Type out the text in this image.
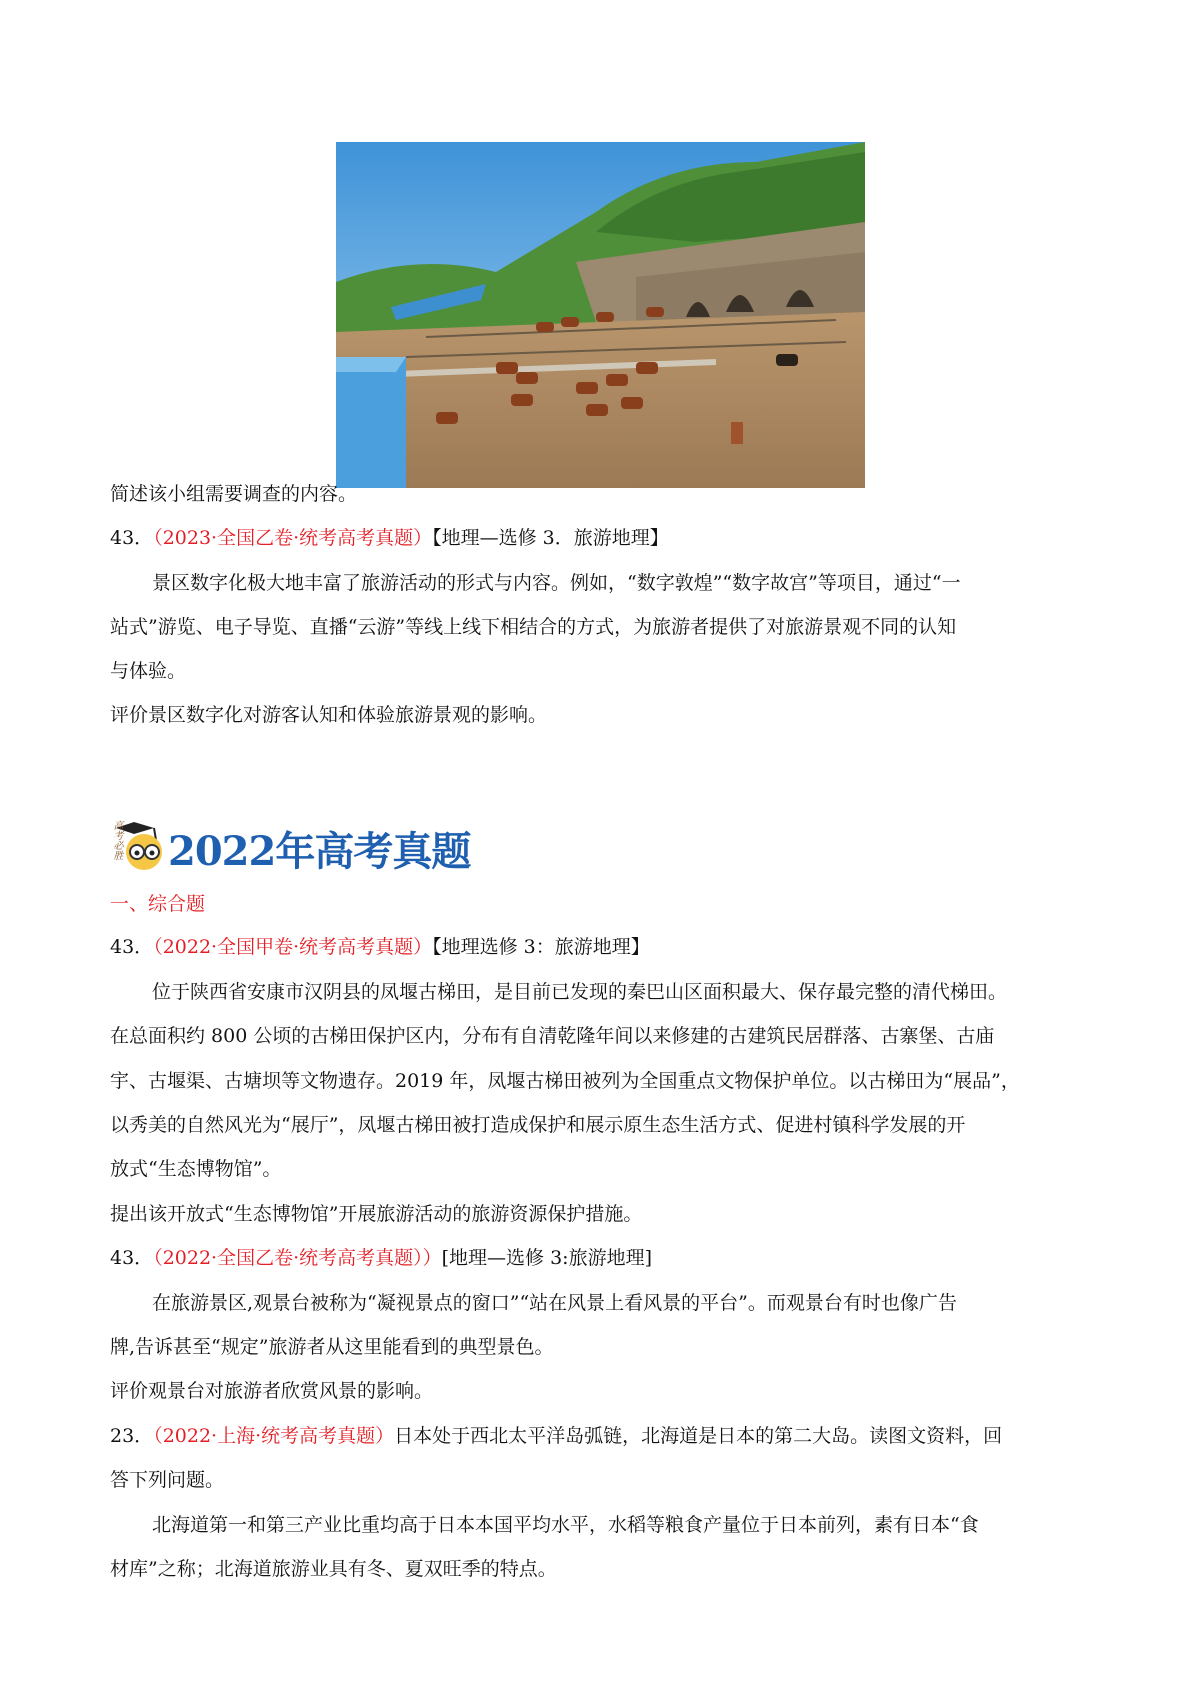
简述该小组需要调查的内容。
43．（2023·全国乙卷·统考高考真题）【地理—选修 3．旅游地理】
景区数字化极大地丰富了旅游活动的形式与内容。例如，“数字敦煌”“数字故宫”等项目，通过“一
站式”游览、电子导览、直播“云游”等线上线下相结合的方式，为旅游者提供了对旅游景观不同的认知
与体验。
评价景区数字化对游客认知和体验旅游景观的影响。
高考必胜 2022年高考真题
一、综合题
43．（2022·全国甲卷·统考高考真题）【地理选修 3：旅游地理】
位于陕西省安康市汉阴县的凤堰古梯田，是目前已发现的秦巴山区面积最大、保存最完整的清代梯田。
在总面积约 800 公顷的古梯田保护区内，分布有自清乾隆年间以来修建的古建筑民居群落、古寨堡、古庙
宇、古堰渠、古塘坝等文物遗存。2019 年，凤堰古梯田被列为全国重点文物保护单位。以古梯田为“展品”，
以秀美的自然风光为“展厅”，凤堰古梯田被打造成保护和展示原生态生活方式、促进村镇科学发展的开
放式“生态博物馆”。
提出该开放式“生态博物馆”开展旅游活动的旅游资源保护措施。
43．（2022·全国乙卷·统考高考真题））[地理—选修 3:旅游地理]
在旅游景区,观景台被称为“凝视景点的窗口”“站在风景上看风景的平台”。而观景台有时也像广告
牌,告诉甚至“规定”旅游者从这里能看到的典型景色。
评价观景台对旅游者欣赏风景的影响。
23．（2022·上海·统考高考真题）日本处于西北太平洋岛弧链，北海道是日本的第二大岛。读图文资料，回
答下列问题。
北海道第一和第三产业比重均高于日本本国平均水平，水稻等粮食产量位于日本前列，素有日本“食
材库”之称；北海道旅游业具有冬、夏双旺季的特点。
